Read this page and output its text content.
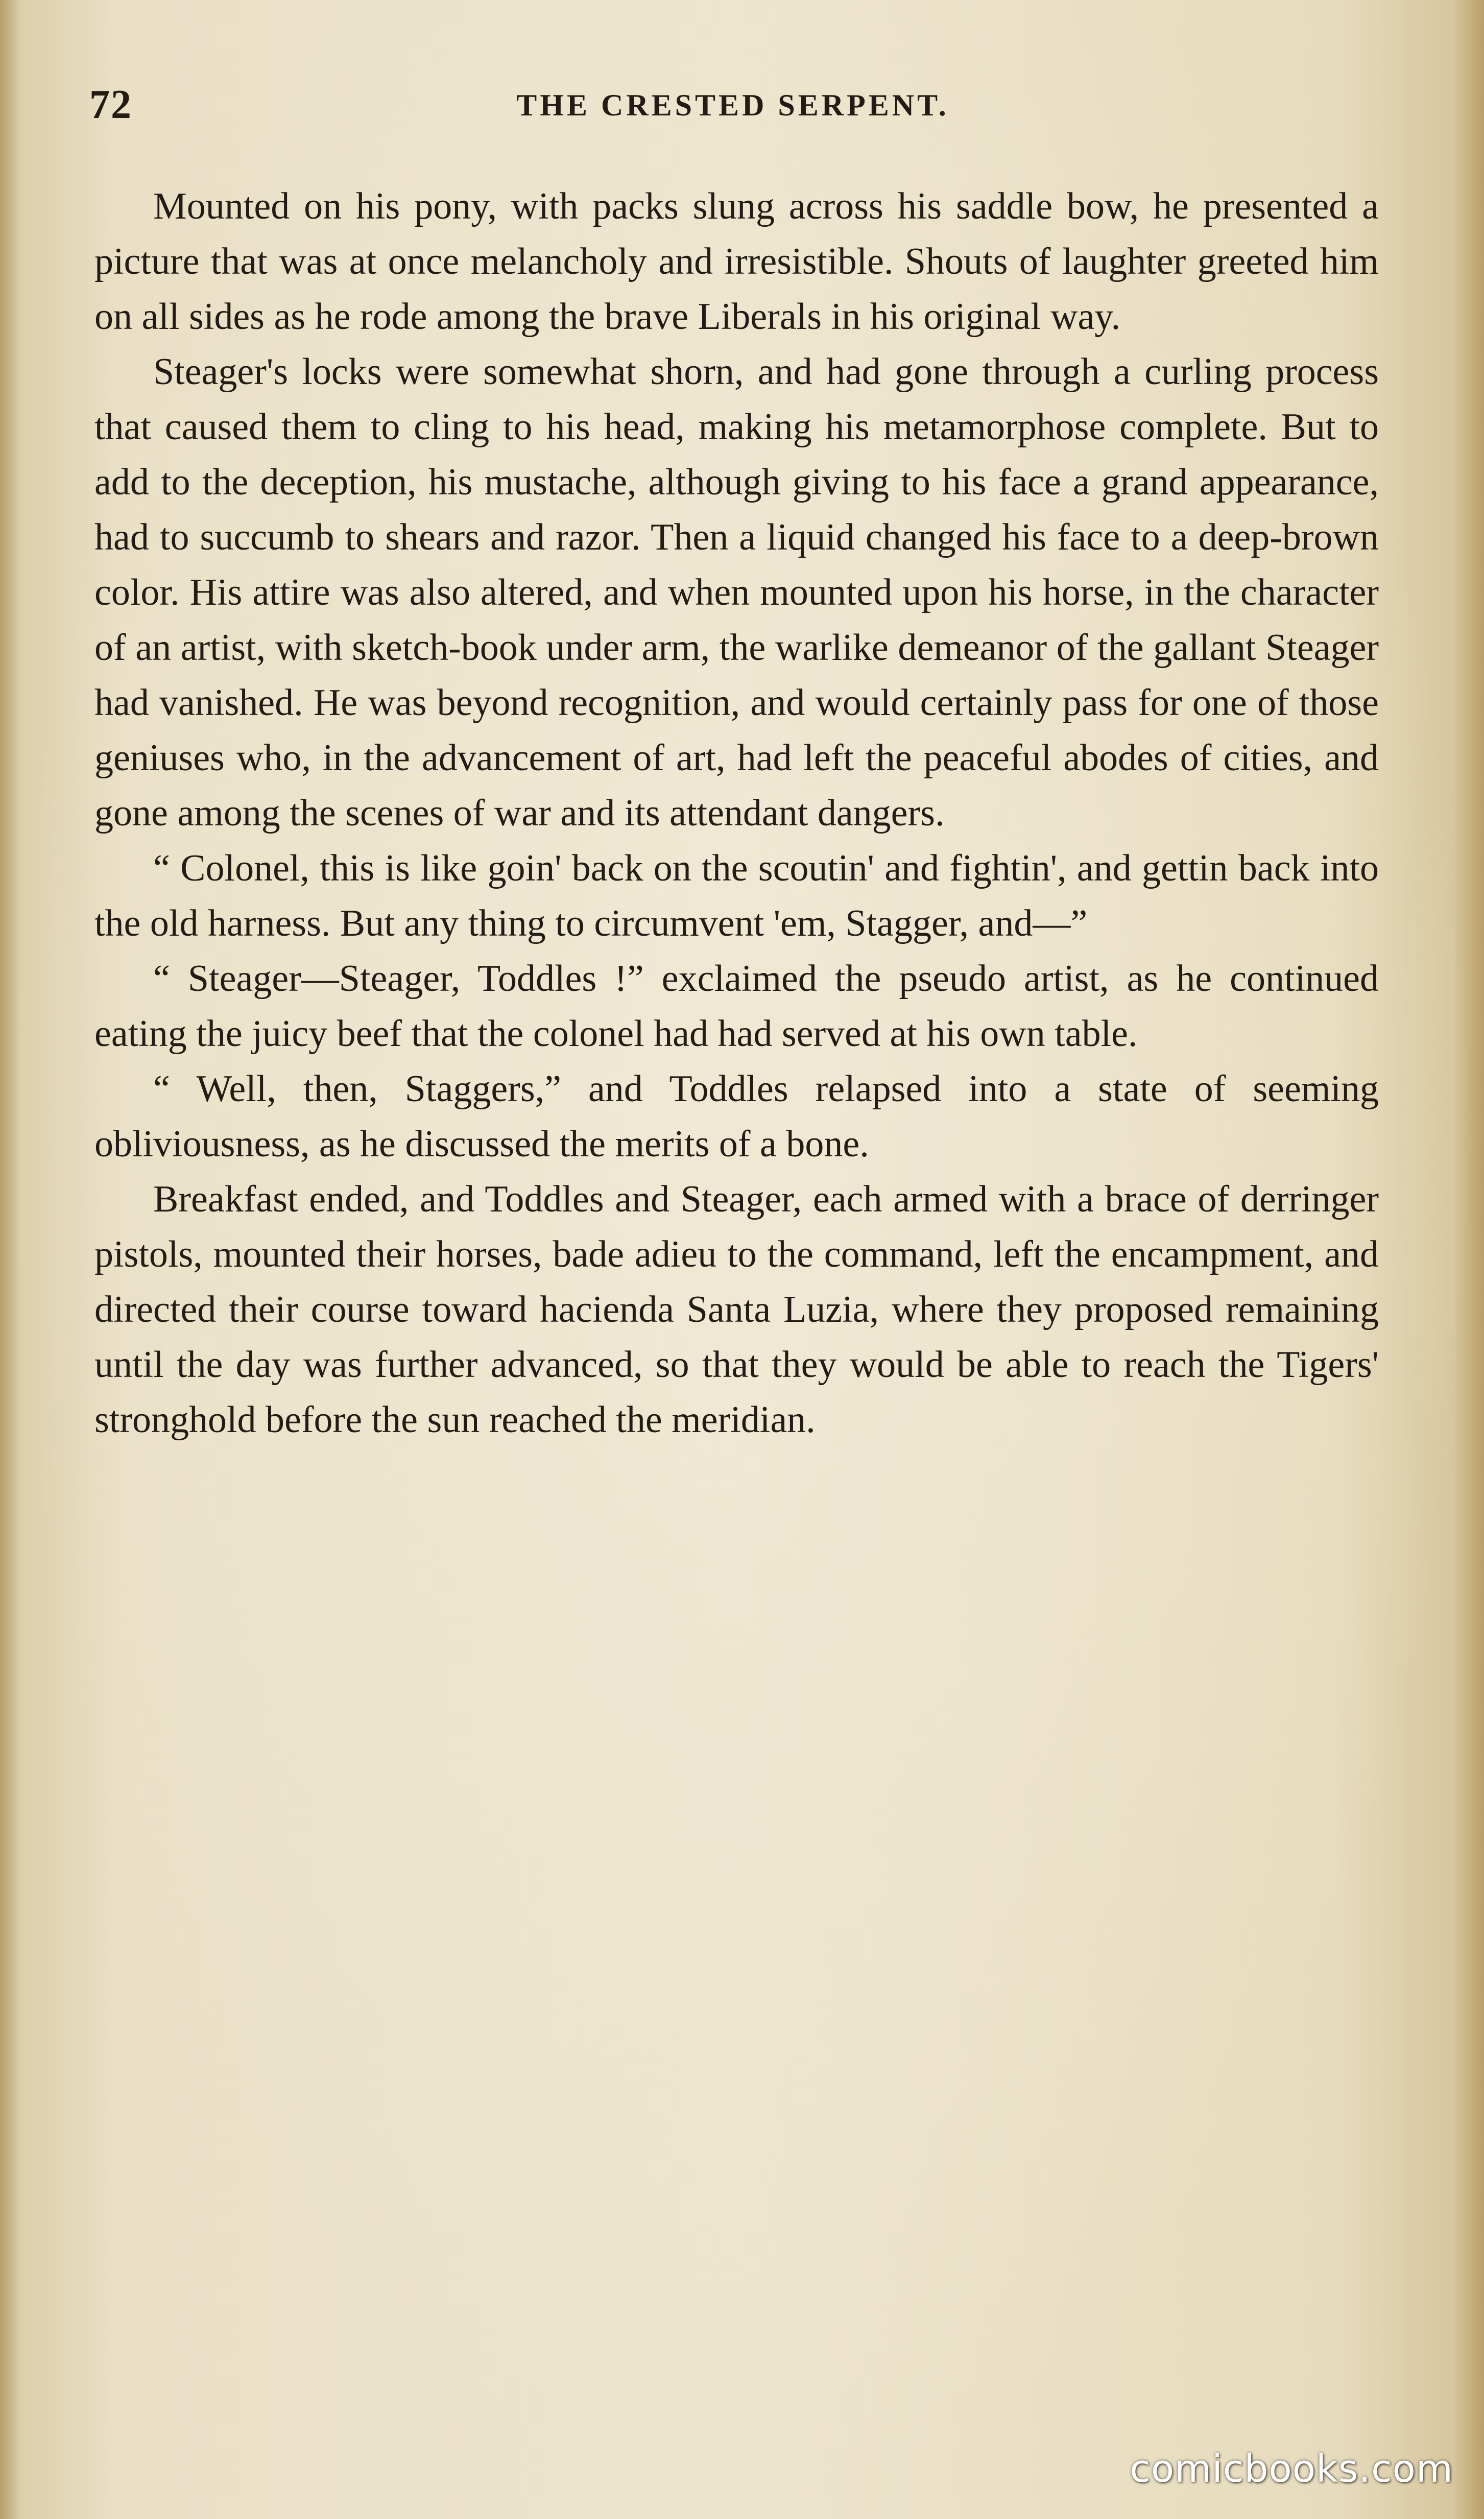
72	THE CRESTED SERPENT.

Mounted on his pony, with packs slung across his saddle bow, he presented a picture that was at once melancholy and irresistible. Shouts of laughter greeted him on all sides as he rode among the brave Liberals in his original way.

Steager's locks were somewhat shorn, and had gone through a curling process that caused them to cling to his head, making his metamorphose complete. But to add to the deception, his mustache, although giving to his face a grand appearance, had to succumb to shears and razor. Then a liquid changed his face to a deep-brown color. His attire was also altered, and when mounted upon his horse, in the character of an artist, with sketch-book under arm, the warlike demeanor of the gallant Steager had vanished. He was beyond recognition, and would certainly pass for one of those geniuses who, in the advancement of art, had left the peaceful abodes of cities, and gone among the scenes of war and its attendant dangers.

“ Colonel, this is like goin' back on the scoutin' and fightin', and gettin back into the old harness. But any thing to circumvent 'em, Stagger, and—”

“ Steager—Steager, Toddles !” exclaimed the pseudo artist, as he continued eating the juicy beef that the colonel had had served at his own table.

“ Well, then, Staggers,” and Toddles relapsed into a state of seeming obliviousness, as he discussed the merits of a bone.

Breakfast ended, and Toddles and Steager, each armed with a brace of derringer pistols, mounted their horses, bade adieu to the command, left the encampment, and directed their course toward hacienda Santa Luzia, where they proposed remaining until the day was further advanced, so that they would be able to reach the Tigers' stronghold before the sun reached the meridian.

comicbooks.com
